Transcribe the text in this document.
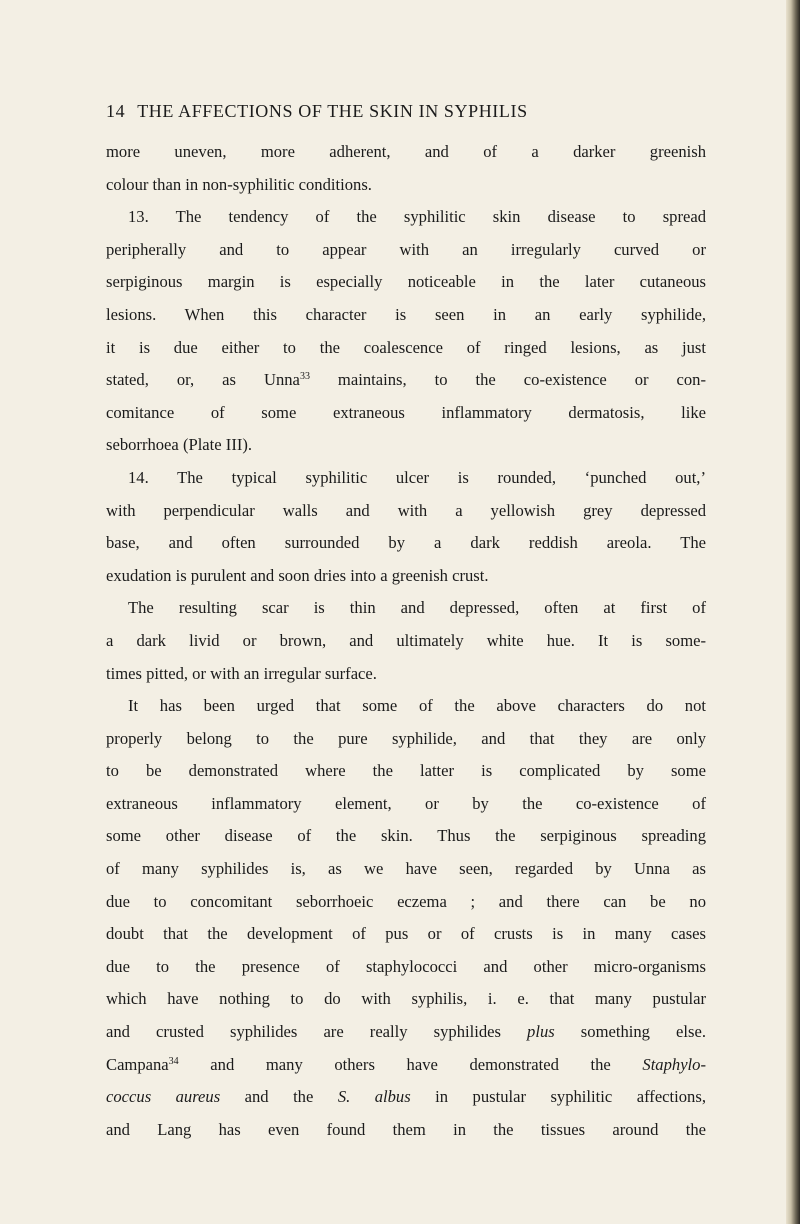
14 THE AFFECTIONS OF THE SKIN IN SYPHILIS
more uneven, more adherent, and of a darker greenish
colour than in non-syphilitic conditions.
13. The tendency of the syphilitic skin disease to spread
peripherally and to appear with an irregularly curved or
serpiginous margin is especially noticeable in the later cutaneous
lesions. When this character is seen in an early syphilide,
it is due either to the coalescence of ringed lesions, as just
stated, or, as Unna$^{33}$ maintains, to the co-existence or con-
comitance of some extraneous inflammatory dermatosis, like
seborrhoea (Plate III).
14. The typical syphilitic ulcer is rounded, ‘punched out,’
with perpendicular walls and with a yellowish grey depressed
base, and often surrounded by a dark reddish areola. The
exudation is purulent and soon dries into a greenish crust.
The resulting scar is thin and depressed, often at first of
a dark livid or brown, and ultimately white hue. It is some-
times pitted, or with an irregular surface.
It has been urged that some of the above characters do not
properly belong to the pure syphilide, and that they are only
to be demonstrated where the latter is complicated by some
extraneous inflammatory element, or by the co-existence of
some other disease of the skin. Thus the serpiginous spreading
of many syphilides is, as we have seen, regarded by Unna as
due to concomitant seborrhoeic eczema ; and there can be no
doubt that the development of pus or of crusts is in many cases
due to the presence of staphylococci and other micro-organisms
which have nothing to do with syphilis, i. e. that many pustular
and crusted syphilides are really syphilides plus something else.
Campana$^{34}$ and many others have demonstrated the Staphylo-
coccus aureus and the S. albus in pustular syphilitic affections,
and Lang has even found them in the tissues around the
